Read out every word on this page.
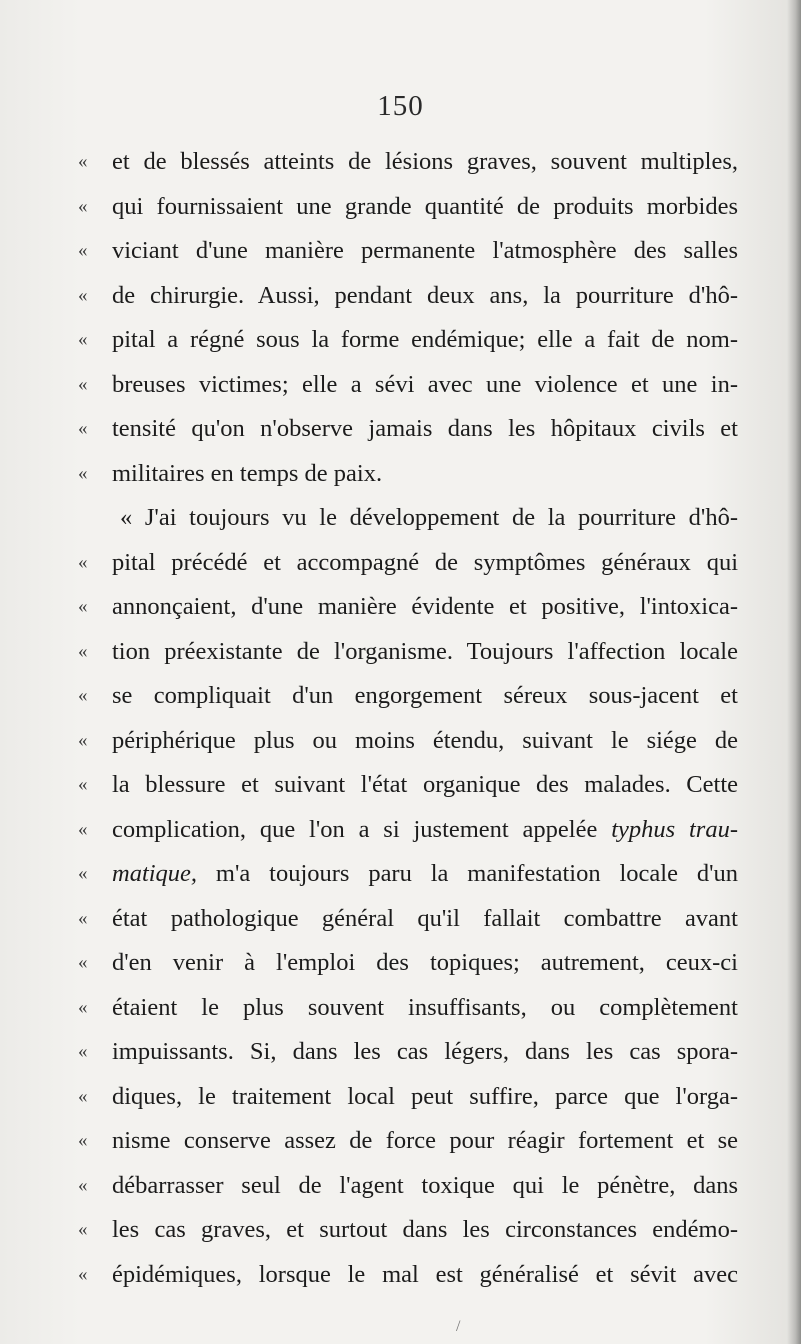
150
« et de blessés atteints de lésions graves, souvent multiples,
« qui fournissaient une grande quantité de produits morbides
« viciant d'une manière permanente l'atmosphère des salles
« de chirurgie. Aussi, pendant deux ans, la pourriture d'hô-
« pital a régné sous la forme endémique; elle a fait de nom-
« breuses victimes; elle a sévi avec une violence et une in-
« tensité qu'on n'observe jamais dans les hôpitaux civils et
« militaires en temps de paix.
« J'ai toujours vu le développement de la pourriture d'hô-
« pital précédé et accompagné de symptômes généraux qui
« annonçaient, d'une manière évidente et positive, l'intoxica-
« tion préexistante de l'organisme. Toujours l'affection locale
« se compliquait d'un engorgement séreux sous-jacent et
« périphérique plus ou moins étendu, suivant le siége de
« la blessure et suivant l'état organique des malades. Cette
« complication, que l'on a si justement appelée typhus trau-
« matique, m'a toujours paru la manifestation locale d'un
« état pathologique général qu'il fallait combattre avant
« d'en venir à l'emploi des topiques; autrement, ceux-ci
« étaient le plus souvent insuffisants, ou complètement
« impuissants. Si, dans les cas légers, dans les cas spora-
« diques, le traitement local peut suffire, parce que l'orga-
« nisme conserve assez de force pour réagir fortement et se
« débarrasser seul de l'agent toxique qui le pénètre, dans
« les cas graves, et surtout dans les circonstances endémo-
« épidémiques, lorsque le mal est généralisé et sévit avec
/
